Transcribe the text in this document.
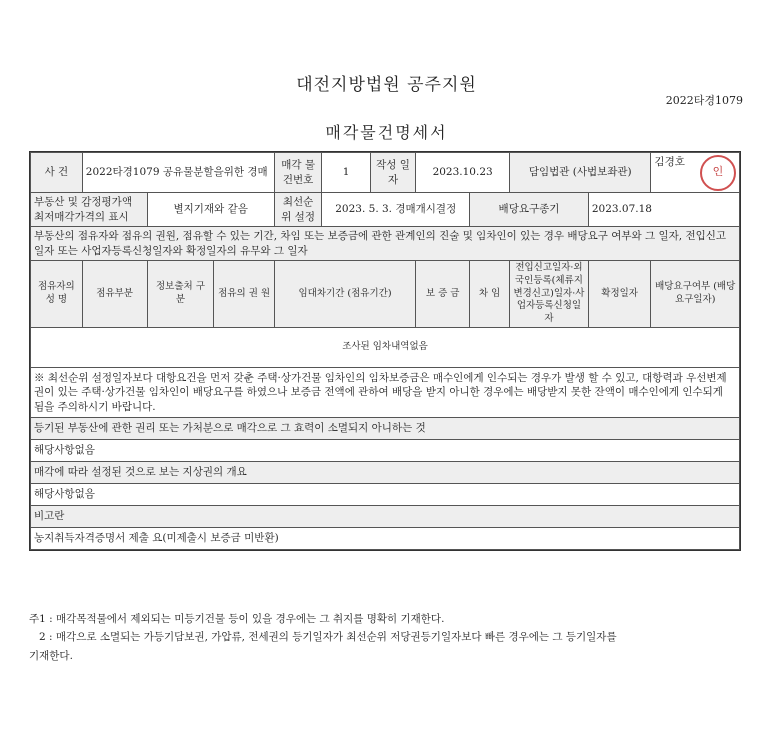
대전지방법원 공주지원
2022타경1079
매각물건명세서
사 건	2022타경1079 공유물분할을위한 경매			매각 물건번호	1	작성 일자	2023.10.23		담임법관 (사법보좌관)		김경호
인

부동산 및 감정평가액 최저매각가격의 표시		별지기재와 같음		최선순위 설정	2023. 5. 3. 경매개시결정			배당요구종기		2023.07.18	
부동산의 점유자와 점유의 권원, 점유할 수 있는 기간, 차임 또는 보증금에 관한 관계인의 진술 및 임차인이 있는 경우 배당요구 여부와 그 일자, 전입신고일자 또는 사업자등록신청일자와 확정일자의 유무와 그 일자											
점유자의 성 명	점유부분	정보출처 구 분	점유의 권 원	임대차기간 (점유기간)			보 증 금	차 임	전입신고일자·외국인등록(체류지변경신고)일자·사업자등록신청일자	확정일자	배당요구여부 (배당요구일자)
조사된 임차내역없음											
※ 최선순위 설정일자보다 대항요건을 먼저 갖춘 주택·상가건물 임차인의 임차보증금은 매수인에게 인수되는 경우가 발생 할 수 있고, 대항력과 우선변제권이 있는 주택·상가건물 임차인이 배당요구를 하였으나 보증금 전액에 관하여 배당을 받지 아니한 경우에는 배당받지 못한 잔액이 매수인에게 인수되게 됨을 주의하시기 바랍니다.											
등기된 부동산에 관한 권리 또는 가처분으로 매각으로 그 효력이 소멸되지 아니하는 것											
해당사항없음											
매각에 따라 설정된 것으로 보는 지상권의 개요											
해당사항없음											
비고란											
농지취득자격증명서 제출 요(미제출시 보증금 미반환)											
주1 : 매각목적물에서 제외되는 미등기건물 등이 있을 경우에는 그 취지를 명확히 기재한다.
2 : 매각으로 소멸되는 가등기담보권, 가압류, 전세권의 등기일자가 최선순위 저당권등기일자보다 빠른 경우에는 그 등기일자를
기재한다.
